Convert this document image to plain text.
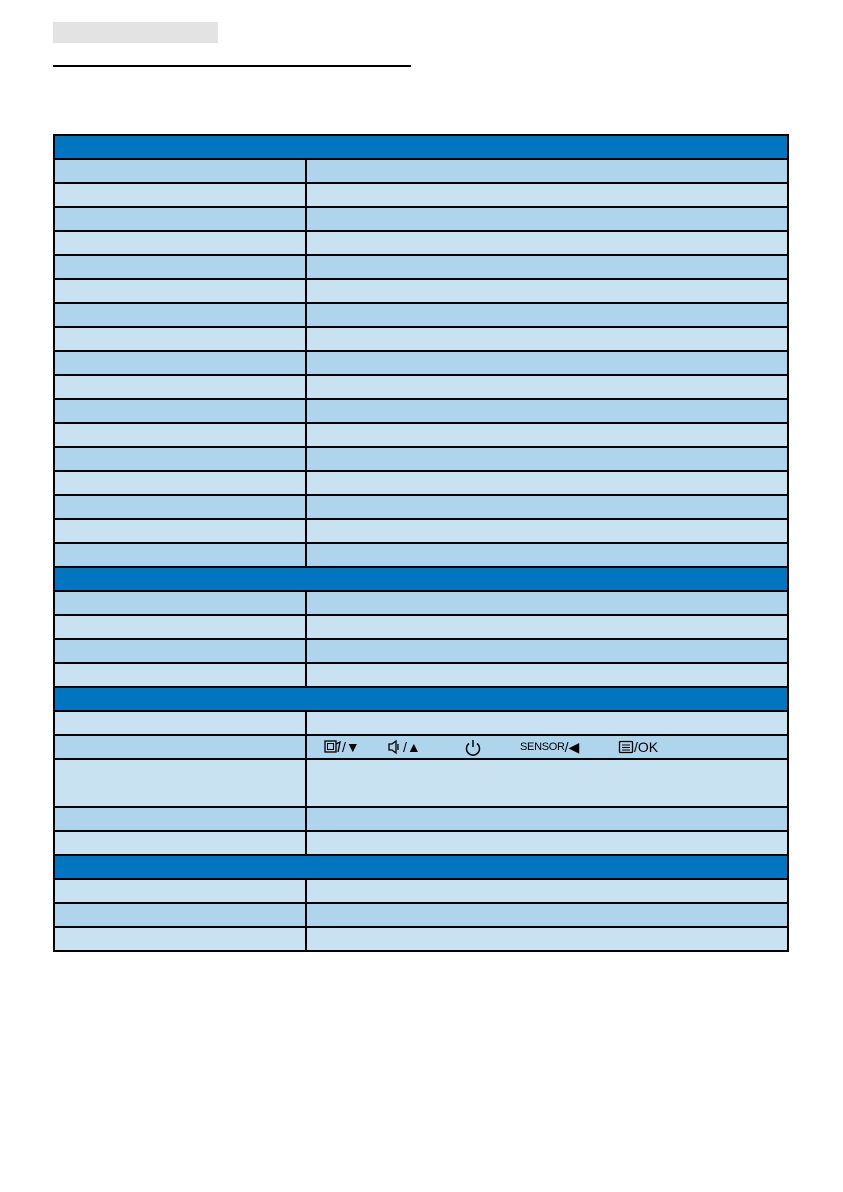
/▼	/▲	SENSOR /◀	/OK
